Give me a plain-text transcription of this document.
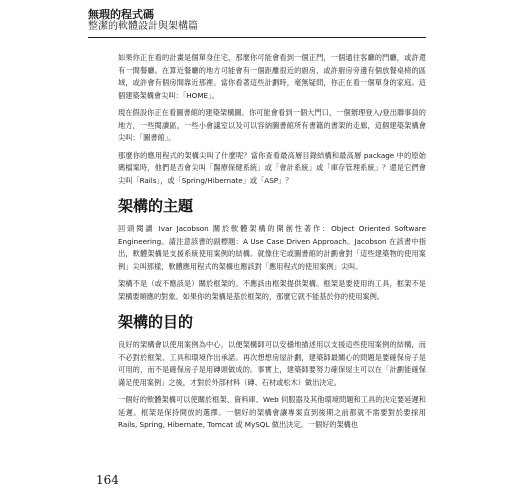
無瑕的程式碼
整潔的軟體設計與架構篇

如果你正在看的計畫是個單身住宅，那麼你可能會看到一個正門，一個通往客廳的門廳，或許還有一間餐廳。在算近餐廳的地方可能會有一個距離很近的廚房，或許廚房旁邊有個放餐桌椅的區域，或許會有個房間靠近那裡。當你看著這些計劃時，毫無疑問，你正在看一個單身的家庭。這個建築架構會尖叫：「HOME」。

現在假設你正在看圖書館的建築架構圖。你可能會看到一個大門口，一個辦理登入/登出聯事員的地方，一些閱讀區，一些小會議室以及可以容納圖書館所有書籍的書架的走廊，這個建築架構會尖叫：「圖書館」。

那麼你的應用程式的架構尖叫了什麼呢？當你查看最高層目錄結構和最高層 package 中的原始碼檔案時，他們是否會尖叫「醫療保健系統」或「會計系統」或「庫存管理系統」？還是它們會尖叫「Rails」，或「Spring/Hibernate」或「ASP」？

架構的主題

回頭閱讀 Ivar Jacobson 關於軟體架構的開創性著作：Object Oriented Software Engineering。請注意該書的副標題：A Use Case Driven Approach。Jacobson 在該書中指出，軟體架構是支援系統使用案例的結構。就像住宅或圖書館的計劃會對「這些建築物的使用案例」尖叫那樣，軟體應用程式的架構也應該對「應用程式的使用案例」尖叫。

架構不是（或不應該是）關於框架的。不應該由框架提供架構。框架是要使用的工具，框架不是架構要順應的對象。如果你的架構是基於框架的，那麼它就不能基於你的使用案例。

架構的目的

良好的架構會以使用案例為中心，以便架構師可以安穩地描述用以支援這些使用案例的結構，而不必對於框架、工具和環境作出承諾。再次想想房屋計劃，建築師最關心的問題是要確保房子是可用的，而不是確保房子是用磚頭做成的。事實上，建築師要努力確保屋主可以在「計劃能確保滿足使用案例」之後，才對於外部材料（磚、石材或松木）做出決定。

一個好的軟體架構可以使關於框架、資料庫、Web 伺服器及其他環境問題和工具的決定要延遲和延遲。框架是保持開放的選擇。一個好的架構會讓專案直到後期之前都就不需要對於要採用 Rails, Spring, Hibernate, Tomcat 或 MySQL 做出決定。一個好的架構也

164
